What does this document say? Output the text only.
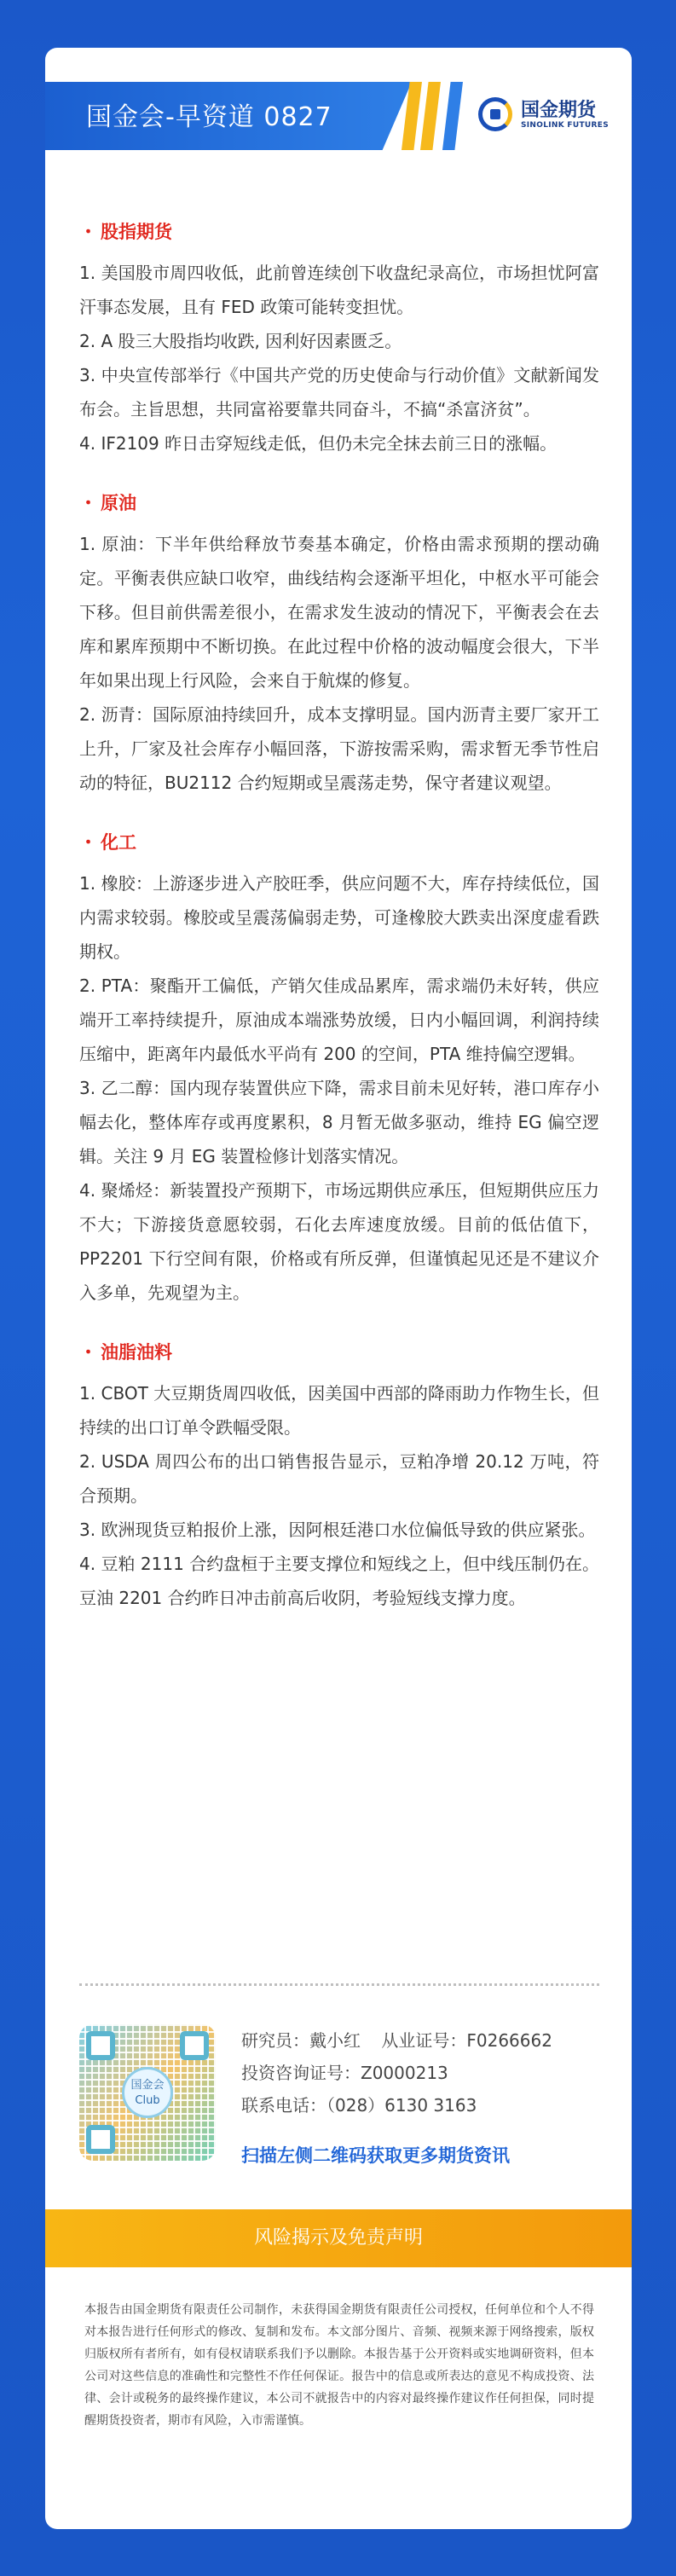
国金会-早资道 0827	国金期货
SINOLINK FUTURES
・ 股指期货

1. 美国股市周四收低，此前曾连续创下收盘纪录高位，市场担忧阿富汗事态发展，且有 FED 政策可能转变担忧。

2. A 股三大股指均收跌, 因利好因素匮乏。

3. 中央宣传部举行《中国共产党的历史使命与行动价值》文献新闻发布会。主旨思想，共同富裕要靠共同奋斗，不搞“杀富济贫”。

4. IF2109 昨日击穿短线走低，但仍未完全抹去前三日的涨幅。

・ 原油

1. 原油：下半年供给释放节奏基本确定，价格由需求预期的摆动确定。平衡表供应缺口收窄，曲线结构会逐渐平坦化，中枢水平可能会下移。但目前供需差很小，在需求发生波动的情况下，平衡表会在去库和累库预期中不断切换。在此过程中价格的波动幅度会很大，下半年如果出现上行风险，会来自于航煤的修复。

2. 沥青：国际原油持续回升，成本支撑明显。国内沥青主要厂家开工上升，厂家及社会库存小幅回落，下游按需采购，需求暂无季节性启动的特征，BU2112 合约短期或呈震荡走势，保守者建议观望。

・ 化工

1. 橡胶：上游逐步进入产胶旺季，供应问题不大，库存持续低位，国内需求较弱。橡胶或呈震荡偏弱走势，可逢橡胶大跌卖出深度虚看跌期权。

2. PTA：聚酯开工偏低，产销欠佳成品累库，需求端仍未好转，供应端开工率持续提升，原油成本端涨势放缓，日内小幅回调，利润持续压缩中，距离年内最低水平尚有 200 的空间，PTA 维持偏空逻辑。

3. 乙二醇：国内现存装置供应下降，需求目前未见好转，港口库存小幅去化，整体库存或再度累积，8 月暂无做多驱动，维持 EG 偏空逻辑。关注 9 月 EG 装置检修计划落实情况。

4. 聚烯烃：新装置投产预期下，市场远期供应承压，但短期供应压力不大；下游接货意愿较弱，石化去库速度放缓。目前的低估值下，PP2201 下行空间有限，价格或有所反弹，但谨慎起见还是不建议介入多单，先观望为主。

・ 油脂油料

1. CBOT 大豆期货周四收低，因美国中西部的降雨助力作物生长，但持续的出口订单令跌幅受限。

2. USDA 周四公布的出口销售报告显示，豆粕净增 20.12 万吨，符合预期。

3. 欧洲现货豆粕报价上涨，因阿根廷港口水位偏低导致的供应紧张。

4. 豆粕 2111 合约盘桓于主要支撑位和短线之上，但中线压制仍在。豆油 2201 合约昨日冲击前高后收阴，考验短线支撑力度。

国金会 Club
研究员：戴小红 从业证号：F0266662
投资咨询证号：Z0000213
联系电话：（028）6130 3163
扫描左侧二维码获取更多期货资讯
风险揭示及免责声明

本报告由国金期货有限责任公司制作，未获得国金期货有限责任公司授权，任何单位和个人不得对本报告进行任何形式的修改、复制和发布。本文部分图片、音频、视频来源于网络搜索，版权归版权所有者所有，如有侵权请联系我们予以删除。本报告基于公开资料或实地调研资料，但本公司对这些信息的准确性和完整性不作任何保证。报告中的信息或所表达的意见不构成投资、法律、会计或税务的最终操作建议，本公司不就报告中的内容对最终操作建议作任何担保，同时提醒期货投资者，期市有风险，入市需谨慎。
